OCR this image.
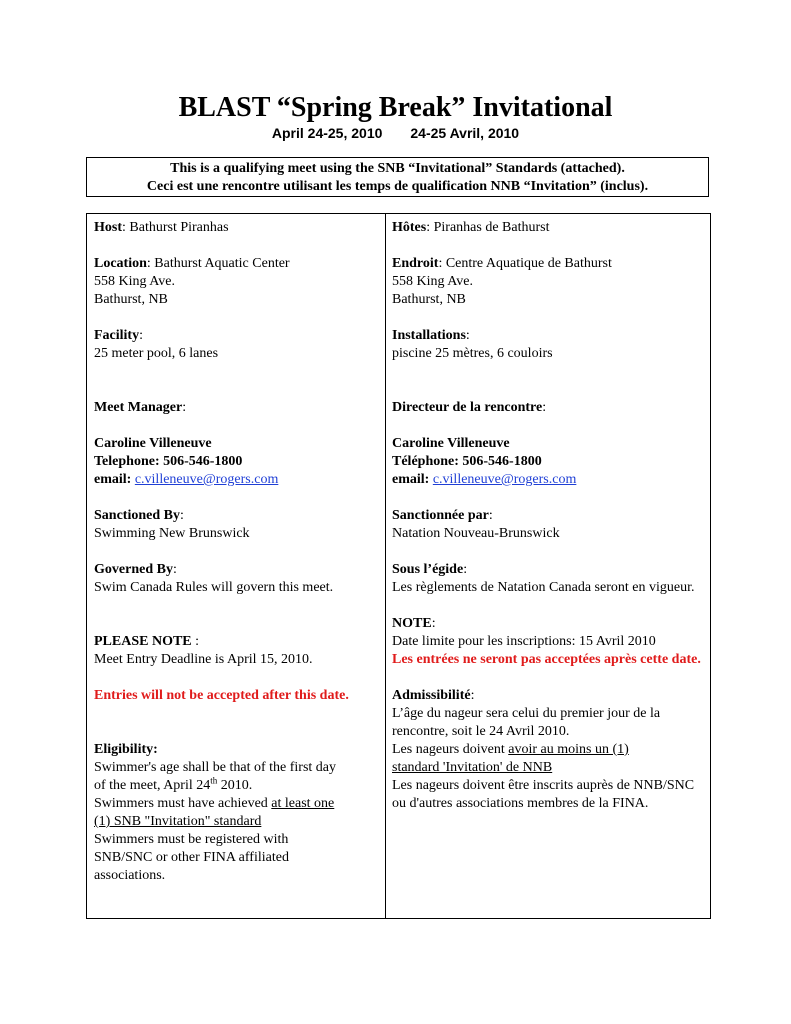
BLAST “Spring Break” Invitational
April 24-25, 2010 24-25 Avril, 2010
This is a qualifying meet using the SNB “Invitational” Standards (attached).
Ceci est une rencontre utilisant les temps de qualification NNB “Invitation” (inclus).

Host: Bathurst Piranhas

Location: Bathurst Aquatic Center

558 King Ave.

Bathurst, NB

Facility:

25 meter pool, 6 lanes

Meet Manager:

Caroline Villeneuve

Telephone: 506-546-1800

email: c.villeneuve@rogers.com

Sanctioned By:

Swimming New Brunswick

Governed By:

Swim Canada Rules will govern this meet.

PLEASE NOTE :

Meet Entry Deadline is April 15, 2010.

Entries will not be accepted after this date.

Eligibility:

Swimmer's age shall be that of the first day

of the meet, April 24th 2010.

Swimmers must have achieved at least one

(1) SNB "Invitation" standard

Swimmers must be registered with

SNB/SNC or other FINA affiliated

associations.

Hôtes: Piranhas de Bathurst

Endroit: Centre Aquatique de Bathurst

558 King Ave.

Bathurst, NB

Installations:

piscine 25 mètres, 6 couloirs

Directeur de la rencontre:

Caroline Villeneuve

Téléphone: 506-546-1800

email: c.villeneuve@rogers.com

Sanctionnée par:

Natation Nouveau-Brunswick

Sous l’égide:

Les règlements de Natation Canada seront en vigueur.

NOTE:

Date limite pour les inscriptions: 15 Avril 2010

Les entrées ne seront pas acceptées après cette date.

Admissibilité:

L’âge du nageur sera celui du premier jour de la rencontre, soit le 24 Avril 2010.

Les nageurs doivent avoir au moins un (1)

standard 'Invitation' de NNB

Les nageurs doivent être inscrits auprès de NNB/SNC ou d'autres associations membres de la FINA.
